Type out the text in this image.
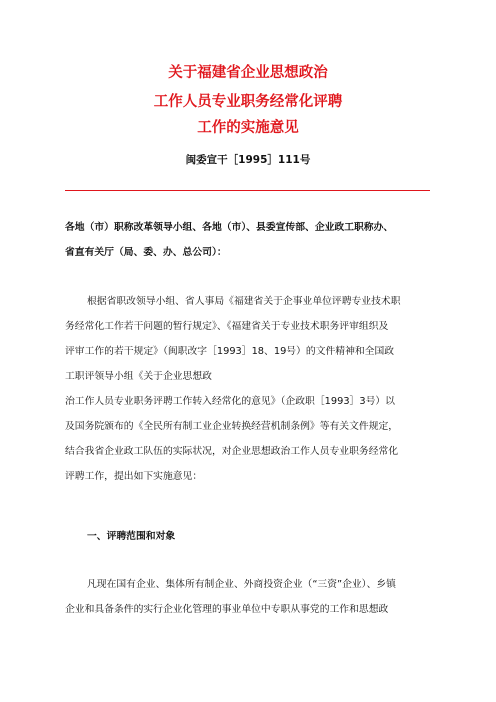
关于福建省企业思想政治
工作人员专业职务经常化评聘
工作的实施意见
闽委宣干［1995］111号
各地（市）职称改革领导小组、各地（市）、县委宣传部、企业政工职称办、
省直有关厅（局、委、办、总公司）：
根据省职改领导小组、省人事局《福建省关于企事业单位评聘专业技术职
务经常化工作若干问题的暂行规定》、《福建省关于专业技术职务评审组织及
评审工作的若干规定》（闽职改字［1993］18、19号）的文件精神和全国政
工职评领导小组《关于企业思想政
治工作人员专业职务评聘工作转入经常化的意见》（企政职［1993］3号）以
及国务院颁布的《全民所有制工业企业转换经营机制条例》等有关文件规定，
结合我省企业政工队伍的实际状况，对企业思想政治工作人员专业职务经常化
评聘工作，提出如下实施意见：
一、评聘范围和对象
凡现在国有企业、集体所有制企业、外商投资企业（“三资”企业）、乡镇
企业和具备条件的实行企业化管理的事业单位中专职从事党的工作和思想政
